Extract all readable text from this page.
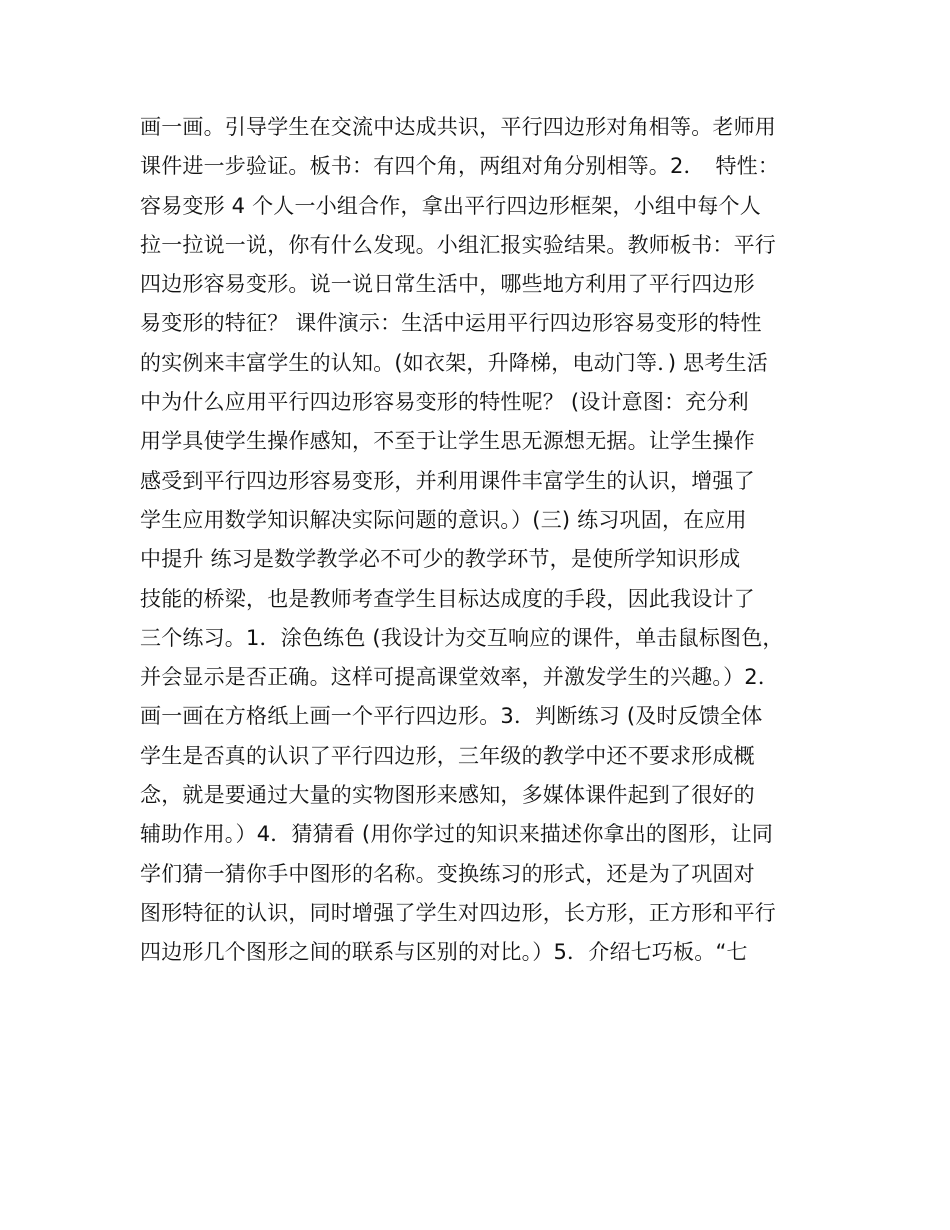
画一画。引导学生在交流中达成共识，平行四边形对角相等。老师用
课件进一步验证。板书：有四个角，两组对角分别相等。2．　特性：
容易变形 4 个人一小组合作，拿出平行四边形框架，小组中每个人
拉一拉说一说，你有什么发现。小组汇报实验结果。教师板书：平行
四边形容易变形。说一说日常生活中，哪些地方利用了平行四边形
易变形的特征？ 课件演示：生活中运用平行四边形容易变形的特性
的实例来丰富学生的认知。(如衣架，升降梯，电动门等．) 思考生活
中为什么应用平行四边形容易变形的特性呢？ (设计意图：充分利
用学具使学生操作感知，不至于让学生思无源想无据。让学生操作
感受到平行四边形容易变形，并利用课件丰富学生的认识，增强了
学生应用数学知识解决实际问题的意识。）(三) 练习巩固，在应用
中提升 练习是数学教学必不可少的教学环节，是使所学知识形成
技能的桥梁，也是教师考查学生目标达成度的手段，因此我设计了
三个练习。1．涂色练色 (我设计为交互响应的课件，单击鼠标图色，
并会显示是否正确。这样可提高课堂效率，并激发学生的兴趣。）2．
画一画在方格纸上画一个平行四边形。3．判断练习 (及时反馈全体
学生是否真的认识了平行四边形，三年级的教学中还不要求形成概
念，就是要通过大量的实物图形来感知，多媒体课件起到了很好的
辅助作用。）4．猜猜看 (用你学过的知识来描述你拿出的图形，让同
学们猜一猜你手中图形的名称。变换练习的形式，还是为了巩固对
图形特征的认识，同时增强了学生对四边形，长方形，正方形和平行
四边形几个图形之间的联系与区别的对比。）5．介绍七巧板。“七
